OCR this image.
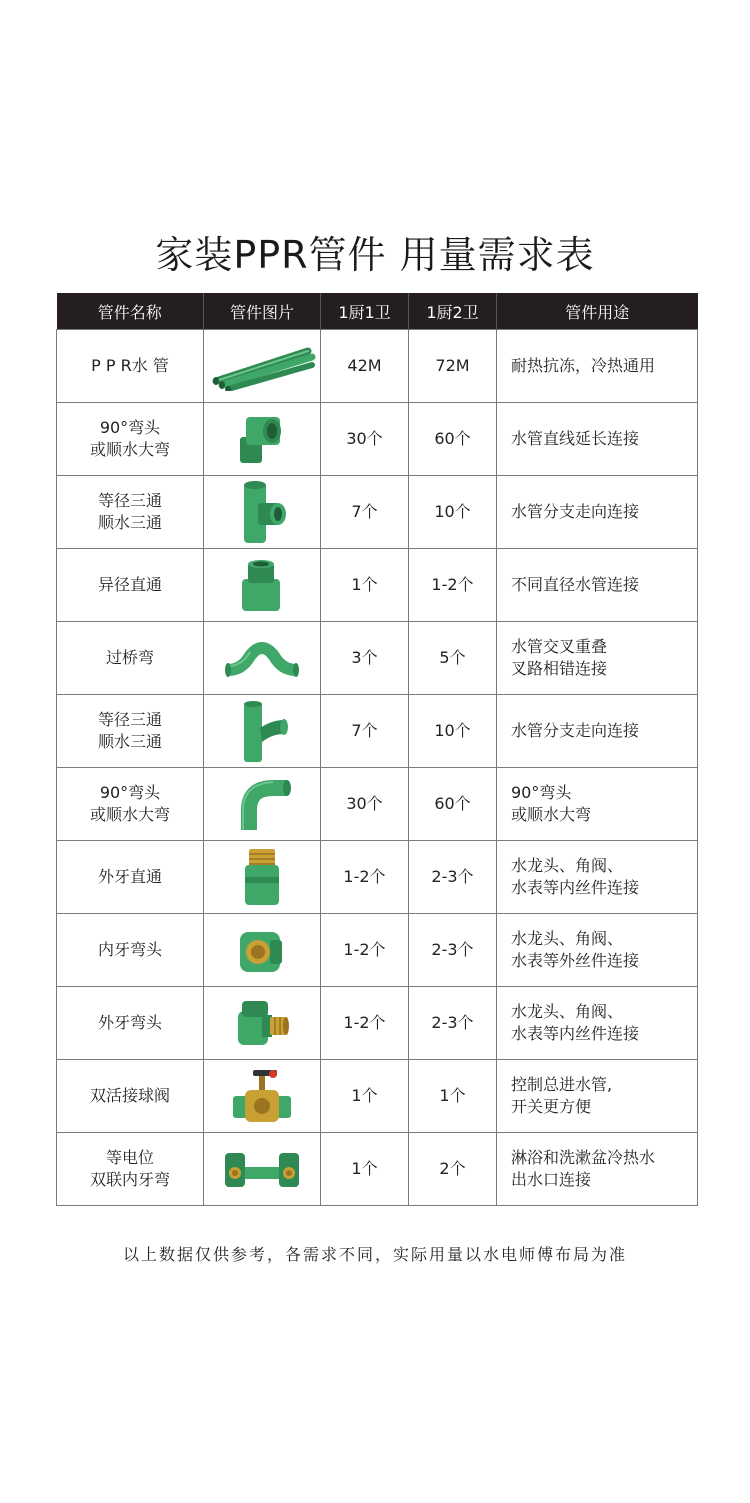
家装PPR管件 用量需求表
管件名称	管件图片	1厨1卫	1厨2卫	管件用途
P P R水 管		42M	72M	耐热抗冻，冷热通用
90°弯头
或顺水大弯		30个	60个	水管直线延长连接
等径三通
顺水三通		7个	10个	水管分支走向连接
异径直通		1个	1-2个	不同直径水管连接
过桥弯		3个	5个	水管交叉重叠
叉路相错连接
等径三通
顺水三通		7个	10个	水管分支走向连接
90°弯头
或顺水大弯		30个	60个	90°弯头
或顺水大弯
外牙直通		1-2个	2-3个	水龙头、角阀、
水表等内丝件连接
内牙弯头		1-2个	2-3个	水龙头、角阀、
水表等外丝件连接
外牙弯头		1-2个	2-3个	水龙头、角阀、
水表等内丝件连接
双活接球阀		1个	1个	控制总进水管,
开关更方便
等电位
双联内牙弯		1个	2个	淋浴和洗漱盆冷热水
出水口连接
以上数据仅供参考，各需求不同，实际用量以水电师傅布局为准
